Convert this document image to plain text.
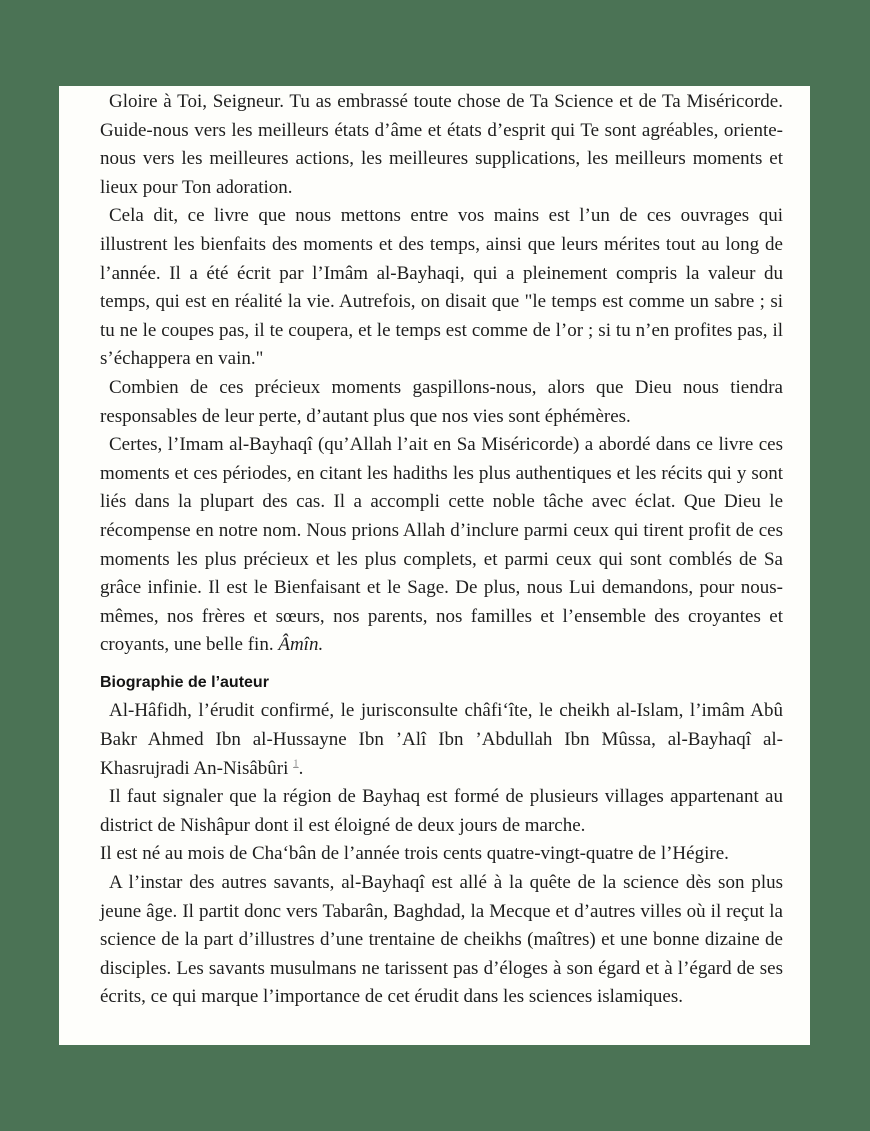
Gloire à Toi, Seigneur. Tu as embrassé toute chose de Ta Science et de Ta Miséricorde. Guide-nous vers les meilleurs états d’âme et états d’esprit qui Te sont agréables, oriente-nous vers les meilleures actions, les meilleures supplications, les meilleurs moments et lieux pour Ton adoration.

Cela dit, ce livre que nous mettons entre vos mains est l’un de ces ouvrages qui illustrent les bienfaits des moments et des temps, ainsi que leurs mérites tout au long de l’année. Il a été écrit par l’Imâm al-Bayhaqi, qui a pleinement compris la valeur du temps, qui est en réalité la vie. Autrefois, on disait que "le temps est comme un sabre ; si tu ne le coupes pas, il te coupera, et le temps est comme de l’or ; si tu n’en profites pas, il s’échappera en vain."

Combien de ces précieux moments gaspillons-nous, alors que Dieu nous tiendra responsables de leur perte, d’autant plus que nos vies sont éphémères.

Certes, l’Imam al-Bayhaqî (qu’Allah l’ait en Sa Miséricorde) a abordé dans ce livre ces moments et ces périodes, en citant les hadiths les plus authentiques et les récits qui y sont liés dans la plupart des cas. Il a accompli cette noble tâche avec éclat. Que Dieu le récompense en notre nom. Nous prions Allah d’inclure parmi ceux qui tirent profit de ces moments les plus précieux et les plus complets, et parmi ceux qui sont comblés de Sa grâce infinie. Il est le Bienfaisant et le Sage. De plus, nous Lui demandons, pour nous-mêmes, nos frères et sœurs, nos parents, nos familles et l’ensemble des croyantes et croyants, une belle fin. Âmîn.

Biographie de l’auteur

Al-Hâfidh, l’érudit confirmé, le jurisconsulte châfi‘îte, le cheikh al-Islam, l’imâm Abû Bakr Ahmed Ibn al-Hussayne Ibn ’Alî Ibn ’Abdullah Ibn Mûssa, al-Bayhaqî al-Khasrujradi An-Nisâbûri $^1$.

Il faut signaler que la région de Bayhaq est formé de plusieurs villages appartenant au district de Nishâpur dont il est éloigné de deux jours de marche.

Il est né au mois de Cha‘bân de l’année trois cents quatre-vingt-quatre de l’Hégire.

A l’instar des autres savants, al-Bayhaqî est allé à la quête de la science dès son plus jeune âge. Il partit donc vers Tabarân, Baghdad, la Mecque et d’autres villes où il reçut la science de la part d’illustres d’une trentaine de cheikhs (maîtres) et une bonne dizaine de disciples. Les savants musulmans ne tarissent pas d’éloges à son égard et à l’égard de ses écrits, ce qui marque l’importance de cet érudit dans les sciences islamiques.
